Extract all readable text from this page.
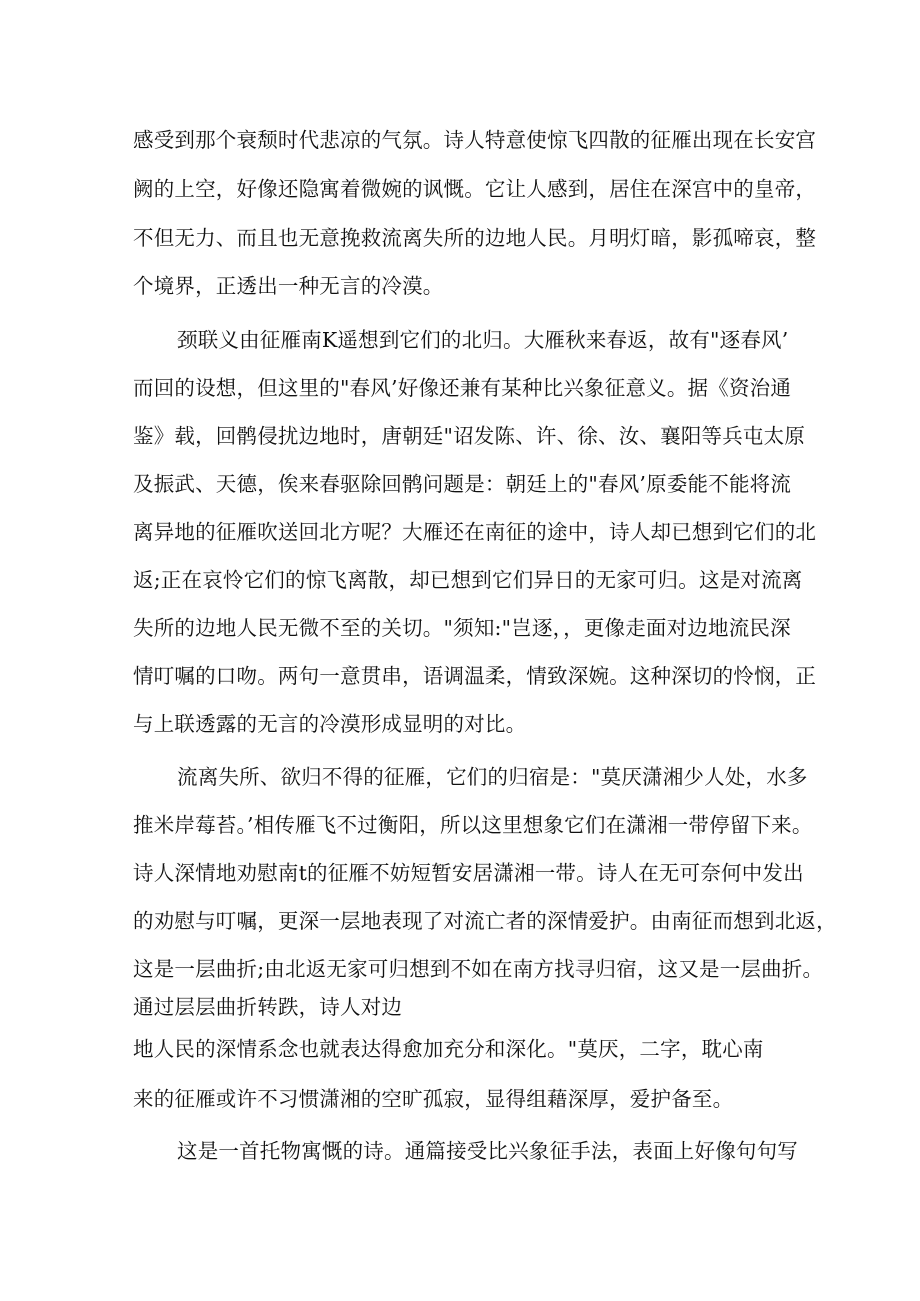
感受到那个衰颓时代悲凉的气氛。诗人特意使惊飞四散的征雁出现在长安宫
阙的上空，好像还隐寓着微婉的讽慨。它让人感到，居住在深宫中的皇帝，
不但无力、而且也无意挽救流离失所的边地人民。月明灯暗，影孤啼哀，整
个境界，正透出一种无言的冷漠。
颈联义由征雁南K遥想到它们的北归。大雁秋来春返，故有"逐春风’
而回的设想，但这里的"春风’好像还兼有某种比兴象征意义。据《资治通
鉴》载，回鹘侵扰边地时，唐朝廷"诏发陈、许、徐、汝、襄阳等兵屯太原
及振武、天德，俟来春驱除回鹘问题是：朝廷上的"春风’原委能不能将流
离异地的征雁吹送回北方呢？大雁还在南征的途中，诗人却已想到它们的北
返;正在哀怜它们的惊飞离散，却已想到它们异日的无家可归。这是对流离
失所的边地人民无微不至的关切。"须知:"岂逐，，更像走面对边地流民深
情叮嘱的口吻。两句一意贯串，语调温柔，情致深婉。这种深切的怜悯，正
与上联透露的无言的冷漠形成显明的对比。
流离失所、欲归不得的征雁，它们的归宿是："莫厌潇湘少人处，水多
推米岸莓苔。’相传雁飞不过衡阳，所以这里想象它们在潇湘一带停留下来。
诗人深情地劝慰南t的征雁不妨短暂安居潇湘一带。诗人在无可奈何中发出
的劝慰与叮嘱，更深一层地表现了对流亡者的深情爱护。由南征而想到北返，
这是一层曲折;由北返无家可归想到不如在南方找寻归宿，这又是一层曲折。
通过层层曲折转跌，诗人对边
地人民的深情系念也就表达得愈加充分和深化。"莫厌，二字，耽心南
来的征雁或许不习惯潇湘的空旷孤寂，显得组藉深厚，爱护备至。
这是一首托物寓慨的诗。通篇接受比兴象征手法，表面上好像句句写
